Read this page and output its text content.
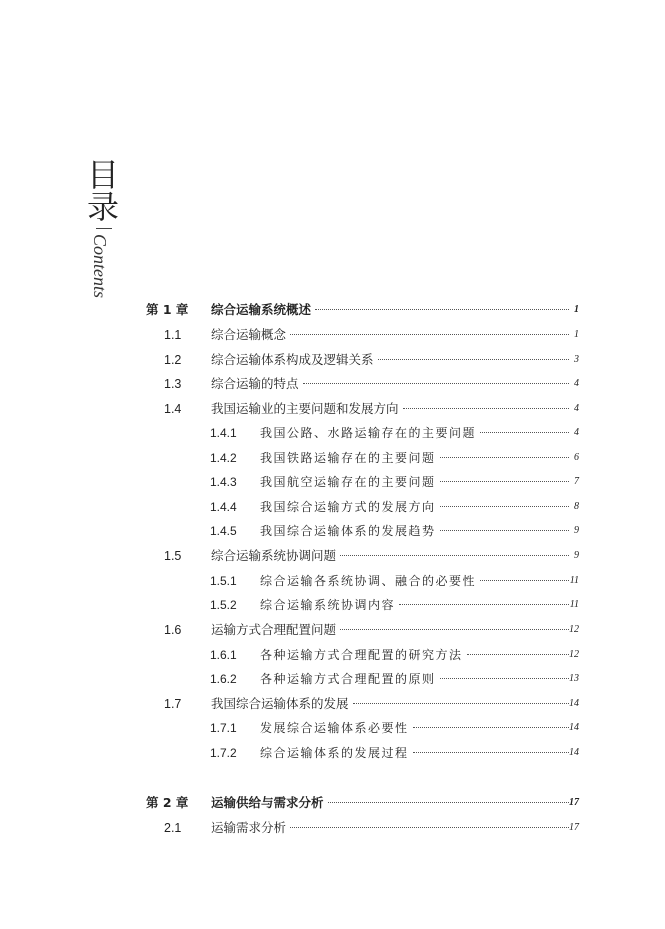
目录
Contents
第 1 章 综合运输系统概述	1
1.1 综合运输概念	1
1.2 综合运输体系构成及逻辑关系	3
1.3 综合运输的特点	4
1.4 我国运输业的主要问题和发展方向	4
1.4.1 我国公路、水路运输存在的主要问题	4
1.4.2 我国铁路运输存在的主要问题	6
1.4.3 我国航空运输存在的主要问题	7
1.4.4 我国综合运输方式的发展方向	8
1.4.5 我国综合运输体系的发展趋势	9
1.5 综合运输系统协调问题	9
1.5.1 综合运输各系统协调、融合的必要性	11
1.5.2 综合运输系统协调内容	11
1.6 运输方式合理配置问题	12
1.6.1 各种运输方式合理配置的研究方法	12
1.6.2 各种运输方式合理配置的原则	13
1.7 我国综合运输体系的发展	14
1.7.1 发展综合运输体系必要性	14
1.7.2 综合运输体系的发展过程	14
第 2 章 运输供给与需求分析	17
2.1 运输需求分析	17
